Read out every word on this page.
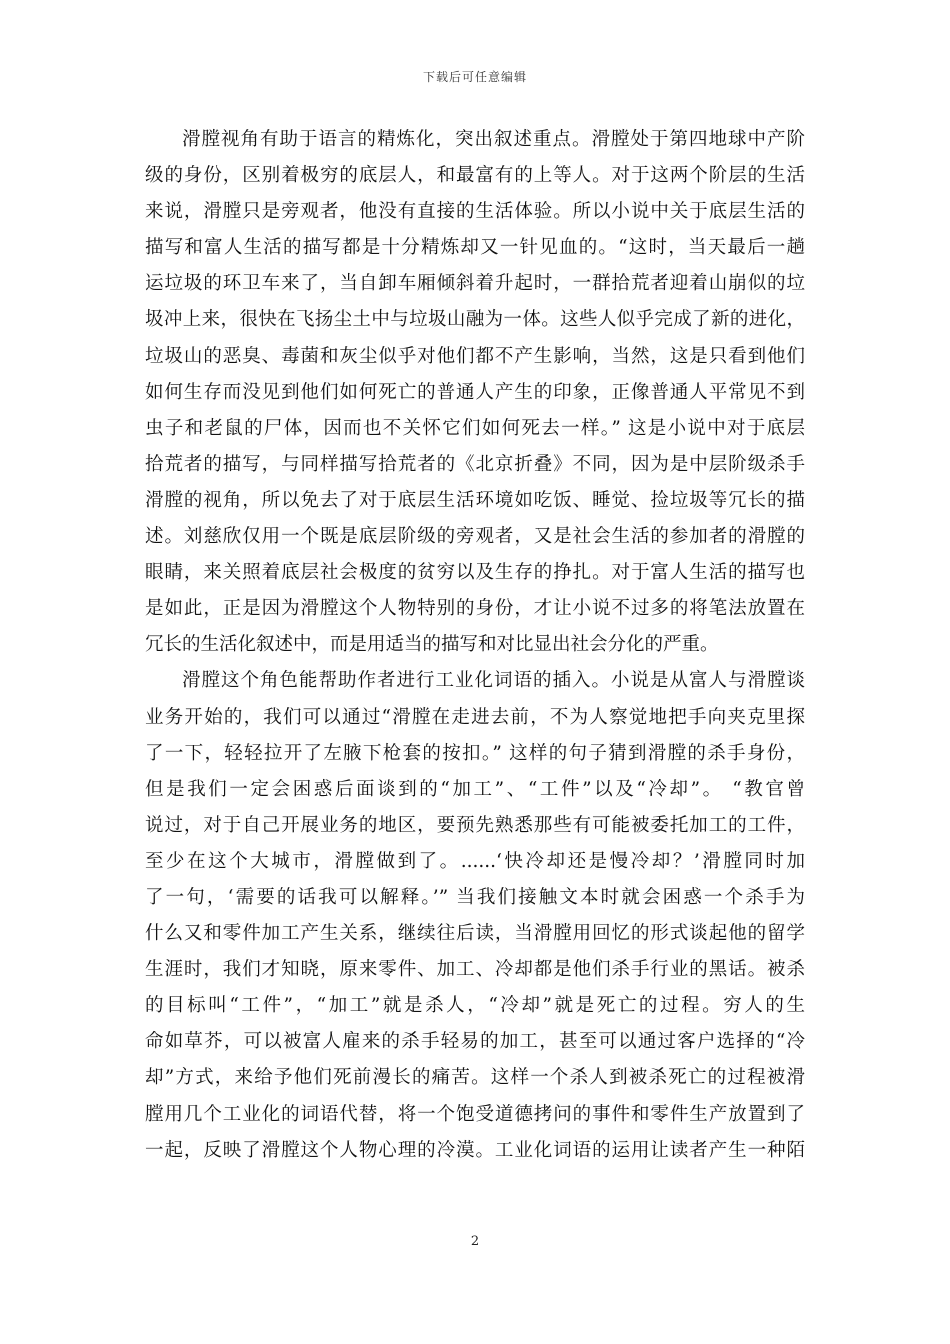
下载后可任意编辑
滑膛视角有助于语言的精炼化，突出叙述重点。滑膛处于第四地球中产阶
级的身份，区别着极穷的底层人，和最富有的上等人。对于这两个阶层的生活
来说，滑膛只是旁观者，他没有直接的生活体验。所以小说中关于底层生活的
描写和富人生活的描写都是十分精炼却又一针见血的。“这时，当天最后一趟
运垃圾的环卫车来了，当自卸车厢倾斜着升起时，一群拾荒者迎着山崩似的垃
圾冲上来，很快在飞扬尘土中与垃圾山融为一体。这些人似乎完成了新的进化，
垃圾山的恶臭、毒菌和灰尘似乎对他们都不产生影响，当然，这是只看到他们
如何生存而没见到他们如何死亡的普通人产生的印象，正像普通人平常见不到
虫子和老鼠的尸体，因而也不关怀它们如何死去一样。” 这是小说中对于底层
拾荒者的描写，与同样描写拾荒者的《北京折叠》不同，因为是中层阶级杀手
滑膛的视角，所以免去了对于底层生活环境如吃饭、睡觉、捡垃圾等冗长的描
述。刘慈欣仅用一个既是底层阶级的旁观者，又是社会生活的参加者的滑膛的
眼睛，来关照着底层社会极度的贫穷以及生存的挣扎。对于富人生活的描写也
是如此，正是因为滑膛这个人物特别的身份，才让小说不过多的将笔法放置在
冗长的生活化叙述中，而是用适当的描写和对比显出社会分化的严重。
滑膛这个角色能帮助作者进行工业化词语的插入。小说是从富人与滑膛谈
业务开始的，我们可以通过“滑膛在走进去前，不为人察觉地把手向夹克里探
了一下，轻轻拉开了左腋下枪套的按扣。” 这样的句子猜到滑膛的杀手身份，
但是我们一定会困惑后面谈到的“加工”、“工件”以及“冷却”。 “教官曾
说过，对于自己开展业务的地区，要预先熟悉那些有可能被委托加工的工件，
至少在这个大城市，滑膛做到了。......‘快冷却还是慢冷却？’滑膛同时加
了一句，‘需要的话我可以解释。’” 当我们接触文本时就会困惑一个杀手为
什么又和零件加工产生关系，继续往后读，当滑膛用回忆的形式谈起他的留学
生涯时，我们才知晓，原来零件、加工、冷却都是他们杀手行业的黑话。被杀
的目标叫“工件”，“加工”就是杀人，“冷却”就是死亡的过程。穷人的生
命如草芥，可以被富人雇来的杀手轻易的加工，甚至可以通过客户选择的“冷
却”方式，来给予他们死前漫长的痛苦。这样一个杀人到被杀死亡的过程被滑
膛用几个工业化的词语代替，将一个饱受道德拷问的事件和零件生产放置到了
一起，反映了滑膛这个人物心理的冷漠。工业化词语的运用让读者产生一种陌
2
